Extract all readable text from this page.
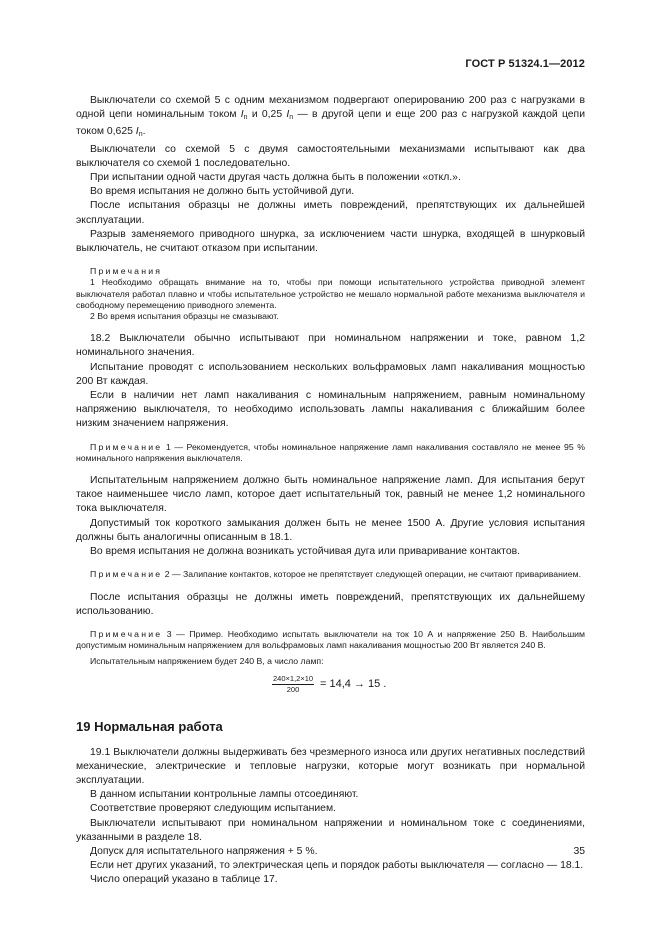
ГОСТ Р 51324.1—2012

Выключатели со схемой 5 с одним механизмом подвергают оперированию 200 раз с нагрузками в одной цепи номинальным током $I_n$ и 0,25 $I_n$ — в другой цепи и еще 200 раз с нагрузкой каждой цепи током 0,625 $I_n$.

Выключатели со схемой 5 с двумя самостоятельными механизмами испытывают как два выключателя со схемой 1 последовательно.

При испытании одной части другая часть должна быть в положении «откл.».

Во время испытания не должно быть устойчивой дуги.

После испытания образцы не должны иметь повреждений, препятствующих их дальнейшей эксплуатации.

Разрыв заменяемого приводного шнурка, за исключением части шнурка, входящей в шнурковый выключатель, не считают отказом при испытании.

Примечания

1 Необходимо обращать внимание на то, чтобы при помощи испытательного устройства приводной элемент выключателя работал плавно и чтобы испытательное устройство не мешало нормальной работе механизма выключателя и свободному перемещению приводного элемента.

2 Во время испытания образцы не смазывают.

18.2 Выключатели обычно испытывают при номинальном напряжении и токе, равном 1,2 номинального значения.

Испытание проводят с использованием нескольких вольфрамовых ламп накаливания мощностью 200 Вт каждая.

Если в наличии нет ламп накаливания с номинальным напряжением, равным номинальному напряжению выключателя, то необходимо использовать лампы накаливания с ближайшим более низким значением напряжения.

Примечание 1 — Рекомендуется, чтобы номинальное напряжение ламп накаливания составляло не менее 95 % номинального напряжения выключателя.

Испытательным напряжением должно быть номинальное напряжение ламп. Для испытания берут такое наименьшее число ламп, которое дает испытательный ток, равный не менее 1,2 номинального тока выключателя.

Допустимый ток короткого замыкания должен быть не менее 1500 А. Другие условия испытания должны быть аналогичны описанным в 18.1.

Во время испытания не должна возникать устойчивая дуга или приваривание контактов.

Примечание 2 — Залипание контактов, которое не препятствует следующей операции, не считают привариванием.

После испытания образцы не должны иметь повреждений, препятствующих их дальнейшему использованию.

Примечание 3 — Пример. Необходимо испытать выключатели на ток 10 А и напряжение 250 В. Наибольшим допустимым номинальным напряжением для вольфрамовых ламп накаливания мощностью 200 Вт является 240 В.

Испытательным напряжением будет 240 В, а число ламп:

$\frac{240\times 1,2\times 10}{200} = 14,4 \to 15$ .
19 Нормальная работа

19.1 Выключатели должны выдерживать без чрезмерного износа или других негативных последствий механические, электрические и тепловые нагрузки, которые могут возникать при нормальной эксплуатации.

В данном испытании контрольные лампы отсоединяют.

Соответствие проверяют следующим испытанием.

Выключатели испытывают при номинальном напряжении и номинальном токе с соединениями, указанными в разделе 18.

Допуск для испытательного напряжения + 5 %.

Если нет других указаний, то электрическая цепь и порядок работы выключателя — согласно — 18.1.

Число операций указано в таблице 17.

35
